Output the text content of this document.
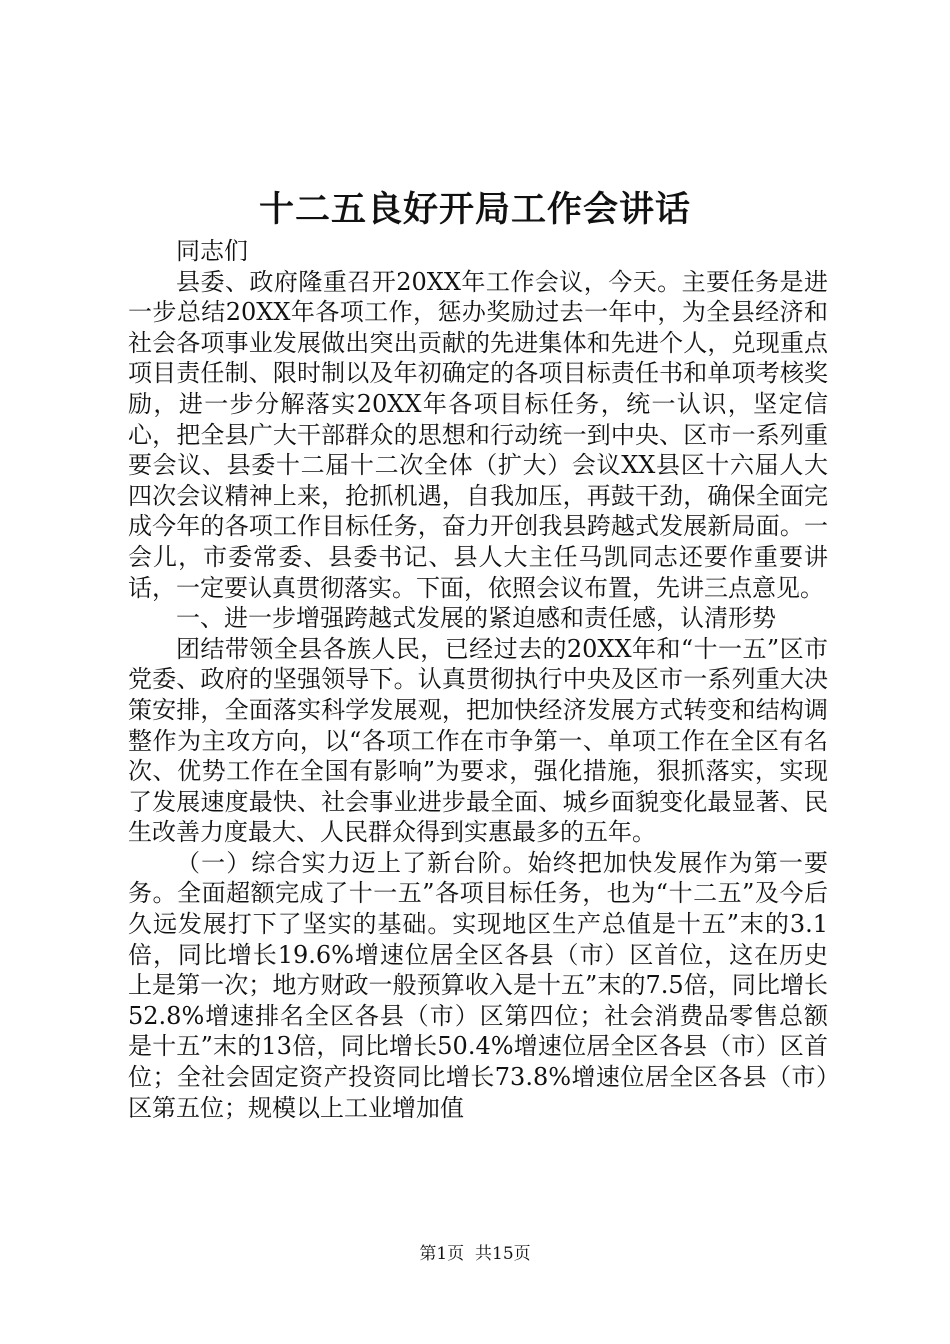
十二五良好开局工作会讲话

同志们

县委、政府隆重召开20XX年工作会议，今天。主要任务是进一步总结20XX年各项工作，惩办奖励过去一年中，为全县经济和社会各项事业发展做出突出贡献的先进集体和先进个人，兑现重点项目责任制、限时制以及年初确定的各项目标责任书和单项考核奖励，进一步分解落实20XX年各项目标任务，统一认识，坚定信心，把全县广大干部群众的思想和行动统一到中央、区市一系列重要会议、县委十二届十二次全体（扩大）会议XX县区十六届人大四次会议精神上来，抢抓机遇，自我加压，再鼓干劲，确保全面完成今年的各项工作目标任务，奋力开创我县跨越式发展新局面。一会儿，市委常委、县委书记、县人大主任马凯同志还要作重要讲话，一定要认真贯彻落实。下面，依照会议布置，先讲三点意见。

一、进一步增强跨越式发展的紧迫感和责任感，认清形势

团结带领全县各族人民，已经过去的20XX年和“十一五”区市党委、政府的坚强领导下。认真贯彻执行中央及区市一系列重大决策安排，全面落实科学发展观，把加快经济发展方式转变和结构调整作为主攻方向，以“各项工作在市争第一、单项工作在全区有名次、优势工作在全国有影响”为要求，强化措施，狠抓落实，实现了发展速度最快、社会事业进步最全面、城乡面貌变化最显著、民生改善力度最大、人民群众得到实惠最多的五年。

（一）综合实力迈上了新台阶。始终把加快发展作为第一要务。全面超额完成了十一五”各项目标任务，也为“十二五”及今后久远发展打下了坚实的基础。实现地区生产总值是十五”末的3.1倍，同比增长19.6%增速位居全区各县（市）区首位，这在历史上是第一次；地方财政一般预算收入是十五”末的7.5倍，同比增长52.8%增速排名全区各县（市）区第四位；社会消费品零售总额是十五”末的13倍，同比增长50.4%增速位居全区各县（市）区首位；全社会固定资产投资同比增长73.8%增速位居全区各县（市）区第五位；规模以上工业增加值

第1页 共15页
